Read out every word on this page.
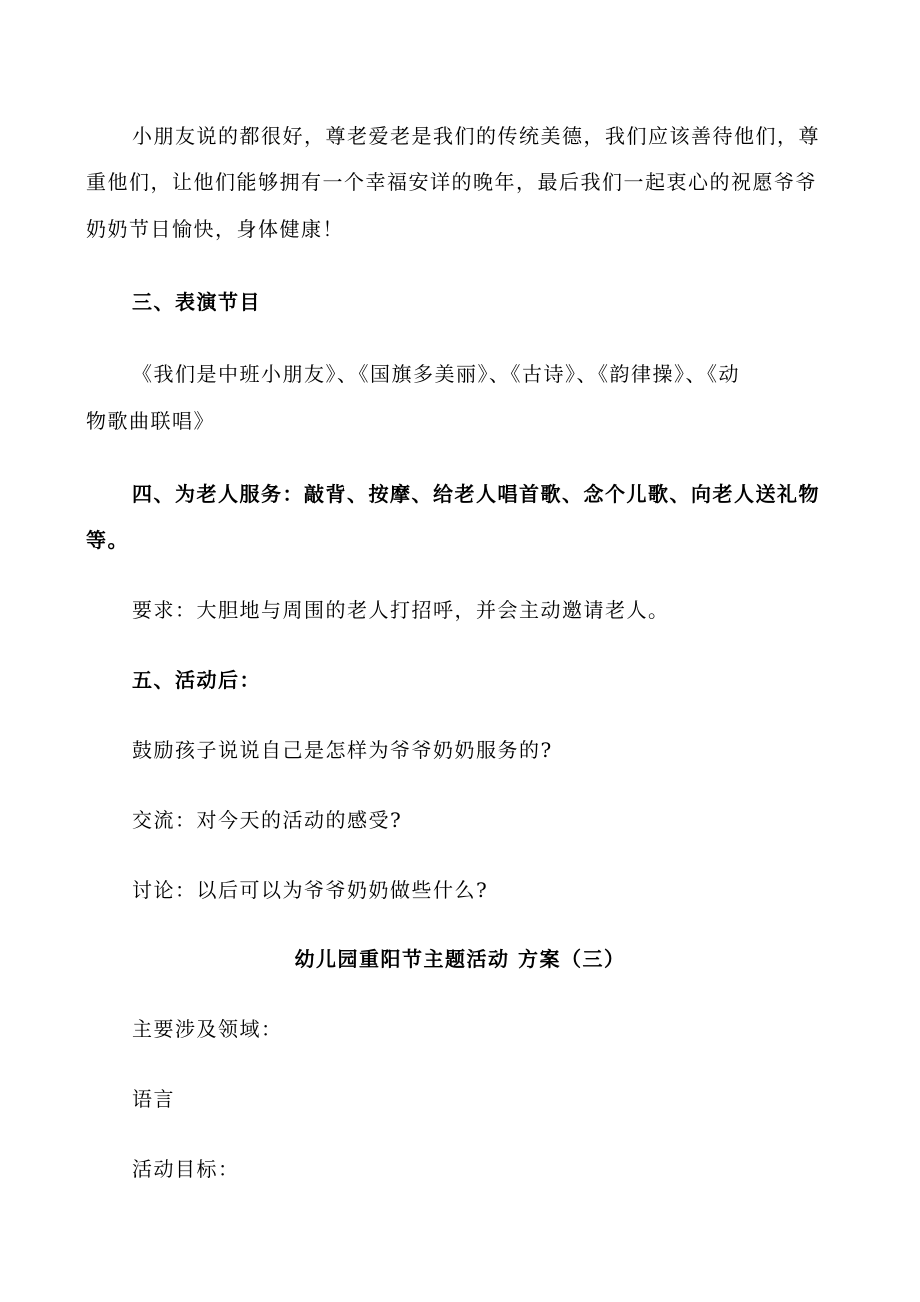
小朋友说的都很好，尊老爱老是我们的传统美德，我们应该善待他们，尊
重他们，让他们能够拥有一个幸福安详的晚年，最后我们一起衷心的祝愿爷爷
奶奶节日愉快，身体健康！
三、表演节目
《我们是中班小朋友》、《国旗多美丽》、《古诗》、《韵律操》、《动
物歌曲联唱》
四、为老人服务：敲背、按摩、给老人唱首歌、念个儿歌、向老人送礼物
等。
要求：大胆地与周围的老人打招呼，并会主动邀请老人。
五、活动后：
鼓励孩子说说自己是怎样为爷爷奶奶服务的?
交流：对今天的活动的感受?
讨论：以后可以为爷爷奶奶做些什么?
幼儿园重阳节主题活动 方案（三）
主要涉及领域：
语言
活动目标：
